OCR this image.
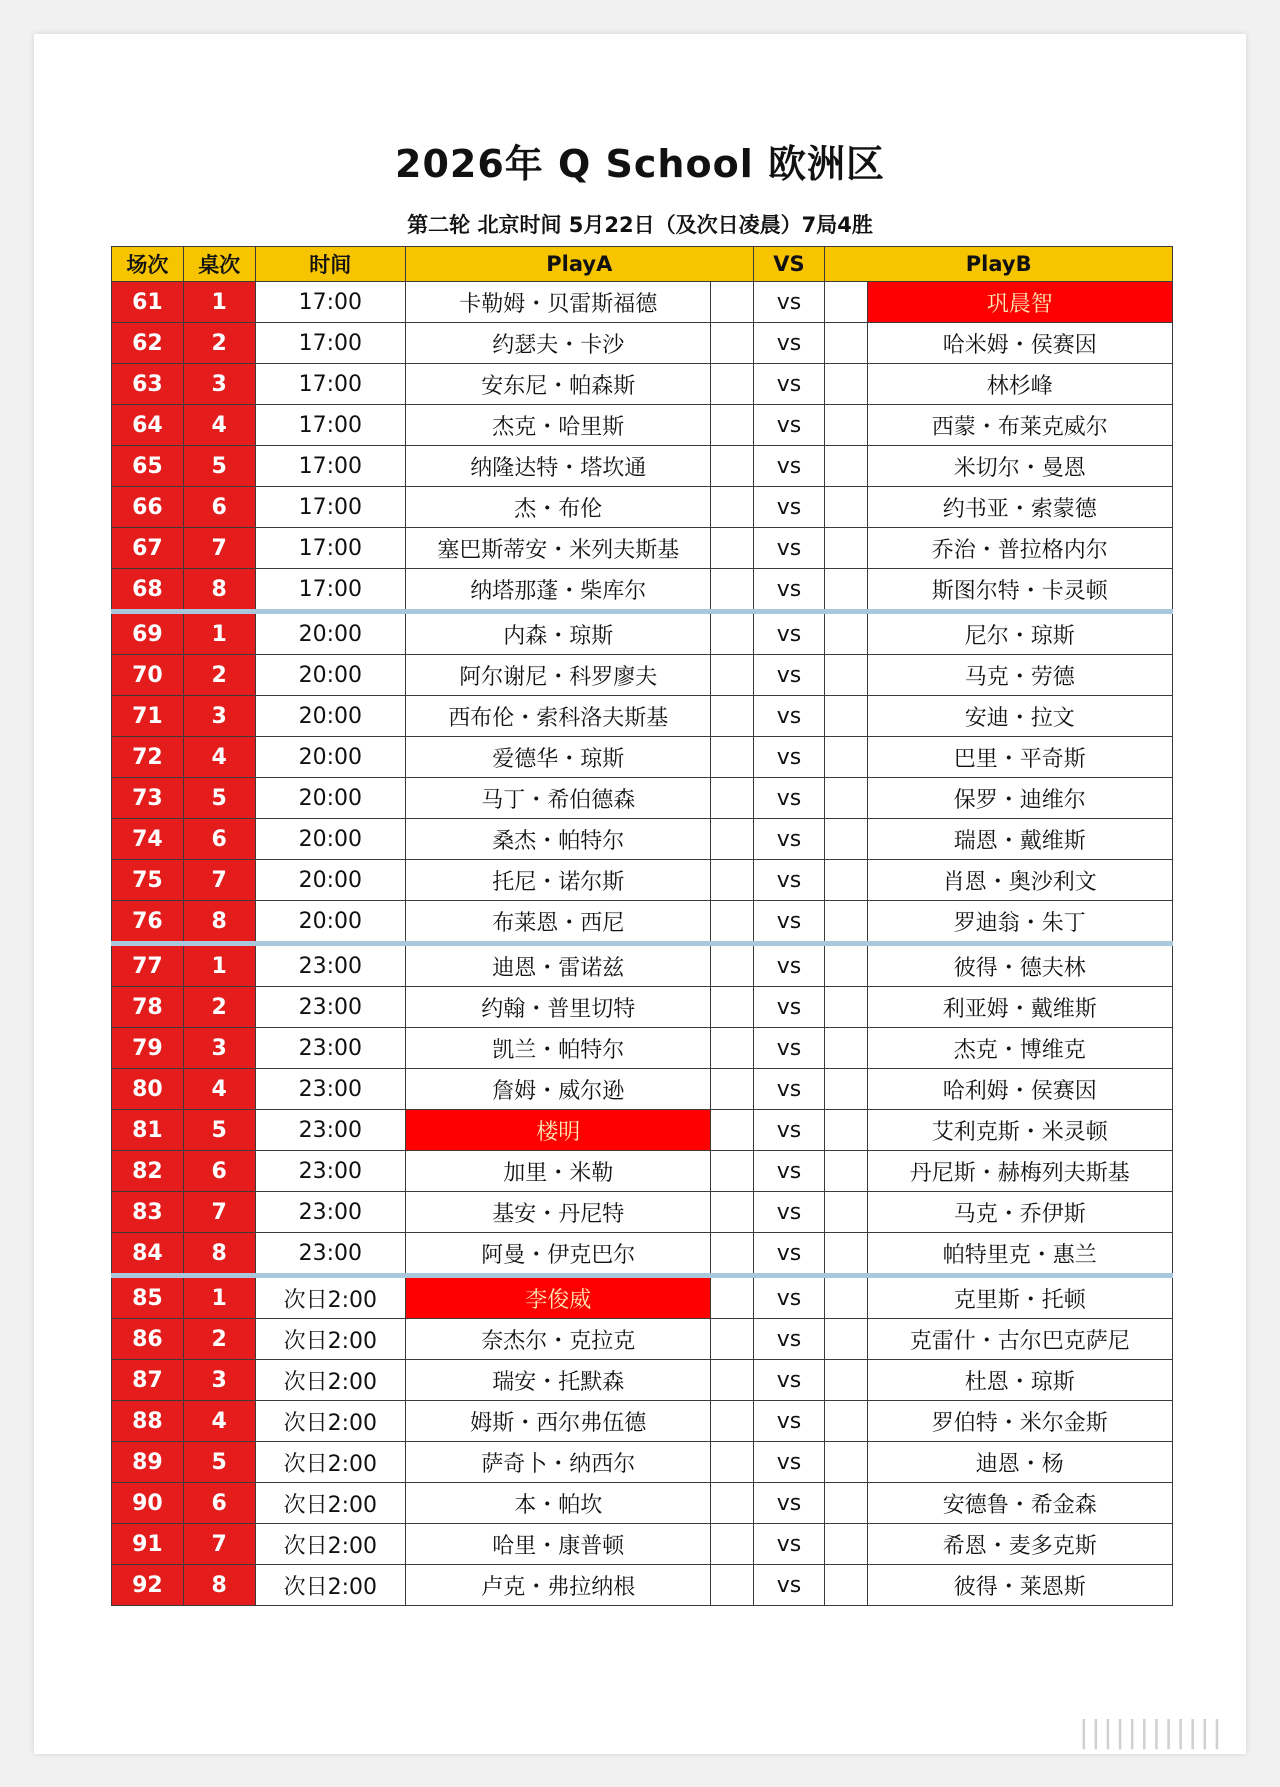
2026年 Q School 欧洲区
第二轮 北京时间 5月22日（及次日凌晨）7局4胜
场次	桌次	时间	PlayA		VS	PlayB	
61	1	17:00	卡勒姆・贝雷斯福德		vs		巩晨智
62	2	17:00	约瑟夫・卡沙		vs		哈米姆・侯赛因
63	3	17:00	安东尼・帕森斯		vs		林杉峰
64	4	17:00	杰克・哈里斯		vs		西蒙・布莱克威尔
65	5	17:00	纳隆达特・塔坎通		vs		米切尔・曼恩
66	6	17:00	杰・布伦		vs		约书亚・索蒙德
67	7	17:00	塞巴斯蒂安・米列夫斯基		vs		乔治・普拉格内尔
68	8	17:00	纳塔那蓬・柴库尔		vs		斯图尔特・卡灵顿
69	1	20:00	内森・琼斯		vs		尼尔・琼斯
70	2	20:00	阿尔谢尼・科罗廖夫		vs		马克・劳德
71	3	20:00	西布伦・索科洛夫斯基		vs		安迪・拉文
72	4	20:00	爱德华・琼斯		vs		巴里・平奇斯
73	5	20:00	马丁・希伯德森		vs		保罗・迪维尔
74	6	20:00	桑杰・帕特尔		vs		瑞恩・戴维斯
75	7	20:00	托尼・诺尔斯		vs		肖恩・奥沙利文
76	8	20:00	布莱恩・西尼		vs		罗迪翁・朱丁
77	1	23:00	迪恩・雷诺兹		vs		彼得・德夫林
78	2	23:00	约翰・普里切特		vs		利亚姆・戴维斯
79	3	23:00	凯兰・帕特尔		vs		杰克・博维克
80	4	23:00	詹姆・威尔逊		vs		哈利姆・侯赛因
81	5	23:00	楼明		vs		艾利克斯・米灵顿
82	6	23:00	加里・米勒		vs		丹尼斯・赫梅列夫斯基
83	7	23:00	基安・丹尼特		vs		马克・乔伊斯
84	8	23:00	阿曼・伊克巴尔		vs		帕特里克・惠兰
85	1	次日2:00	李俊威		vs		克里斯・托顿
86	2	次日2:00	奈杰尔・克拉克		vs		克雷什・古尔巴克萨尼
87	3	次日2:00	瑞安・托默森		vs		杜恩・琼斯
88	4	次日2:00	姆斯・西尔弗伍德		vs		罗伯特・米尔金斯
89	5	次日2:00	萨奇卜・纳西尔		vs		迪恩・杨
90	6	次日2:00	本・帕坎		vs		安德鲁・希金森
91	7	次日2:00	哈里・康普顿		vs		希恩・麦多克斯
92	8	次日2:00	卢克・弗拉纳根		vs		彼得・莱恩斯
||||||||||||
